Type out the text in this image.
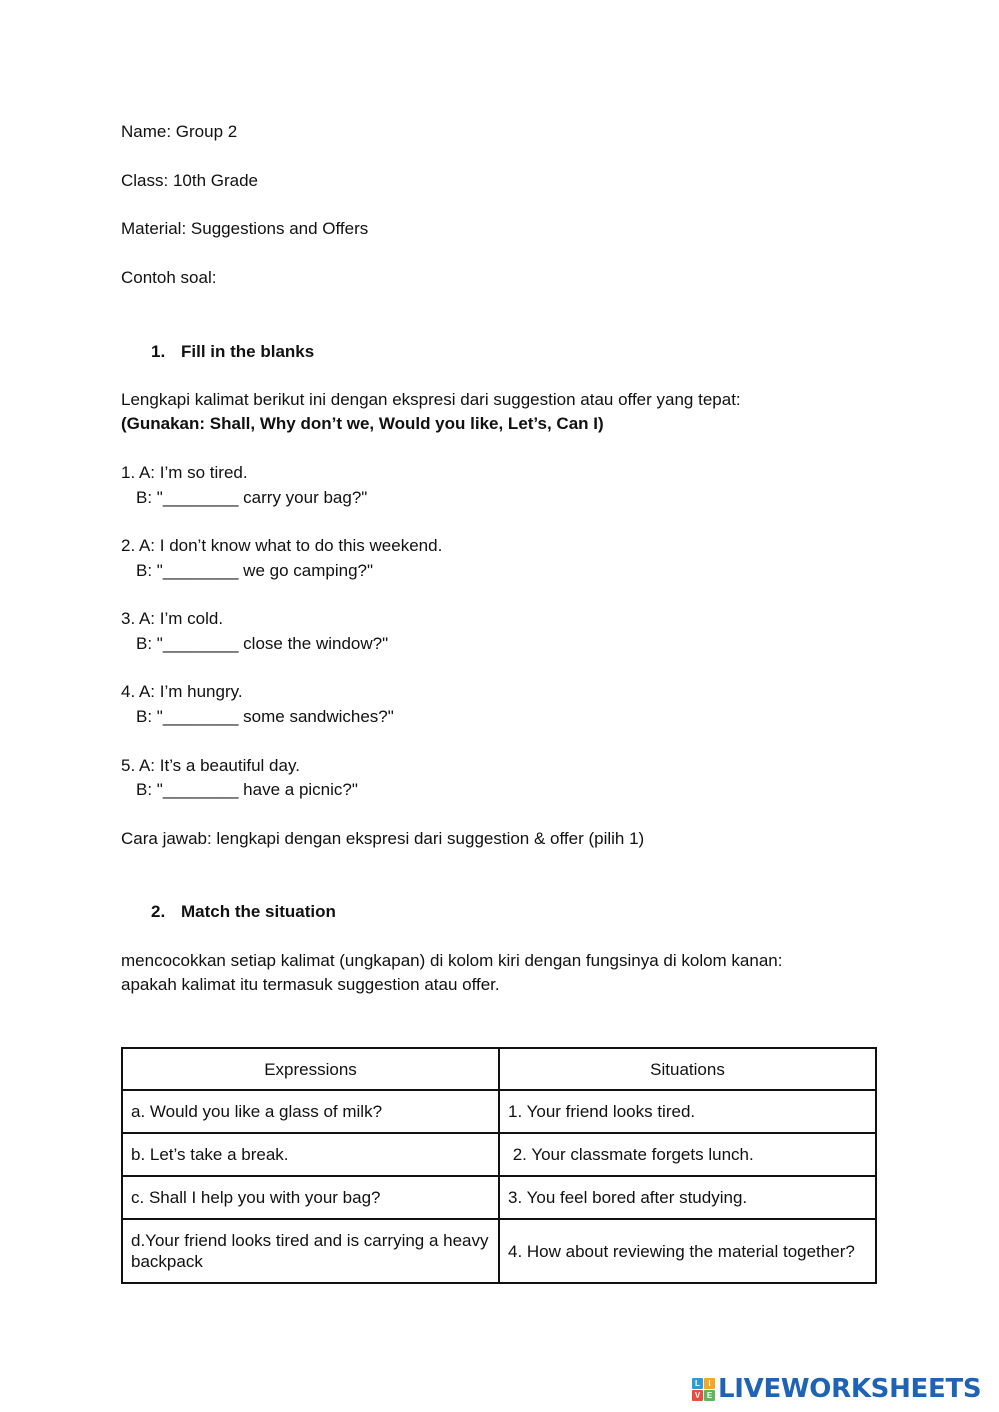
Name: Group 2
Class: 10th Grade
Material: Suggestions and Offers
Contoh soal:
1. Fill in the blanks
Lengkapi kalimat berikut ini dengan ekspresi dari suggestion atau offer yang tepat:
(Gunakan: Shall, Why don’t we, Would you like, Let’s, Can I)
1. A: I’m so tired.
B: "________ carry your bag?"
2. A: I don’t know what to do this weekend.
B: "________ we go camping?"
3. A: I’m cold.
B: "________ close the window?"
4. A: I’m hungry.
B: "________ some sandwiches?"
5. A: It’s a beautiful day.
B: "________ have a picnic?"
Cara jawab: lengkapi dengan ekspresi dari suggestion & offer (pilih 1)
2. Match the situation
mencocokkan setiap kalimat (ungkapan) di kolom kiri dengan fungsinya di kolom kanan:
apakah kalimat itu termasuk suggestion atau offer.
Expressions	Situations
a. Would you like a glass of milk?	1. Your friend looks tired.
b. Let’s take a break.	2. Your classmate forgets lunch.
c. Shall I help you with your bag?	3. You feel bored after studying.
d.Your friend looks tired and is carrying a heavy backpack	4. How about reviewing the material together?
L	I
V E LIVEWORKSHEETS
